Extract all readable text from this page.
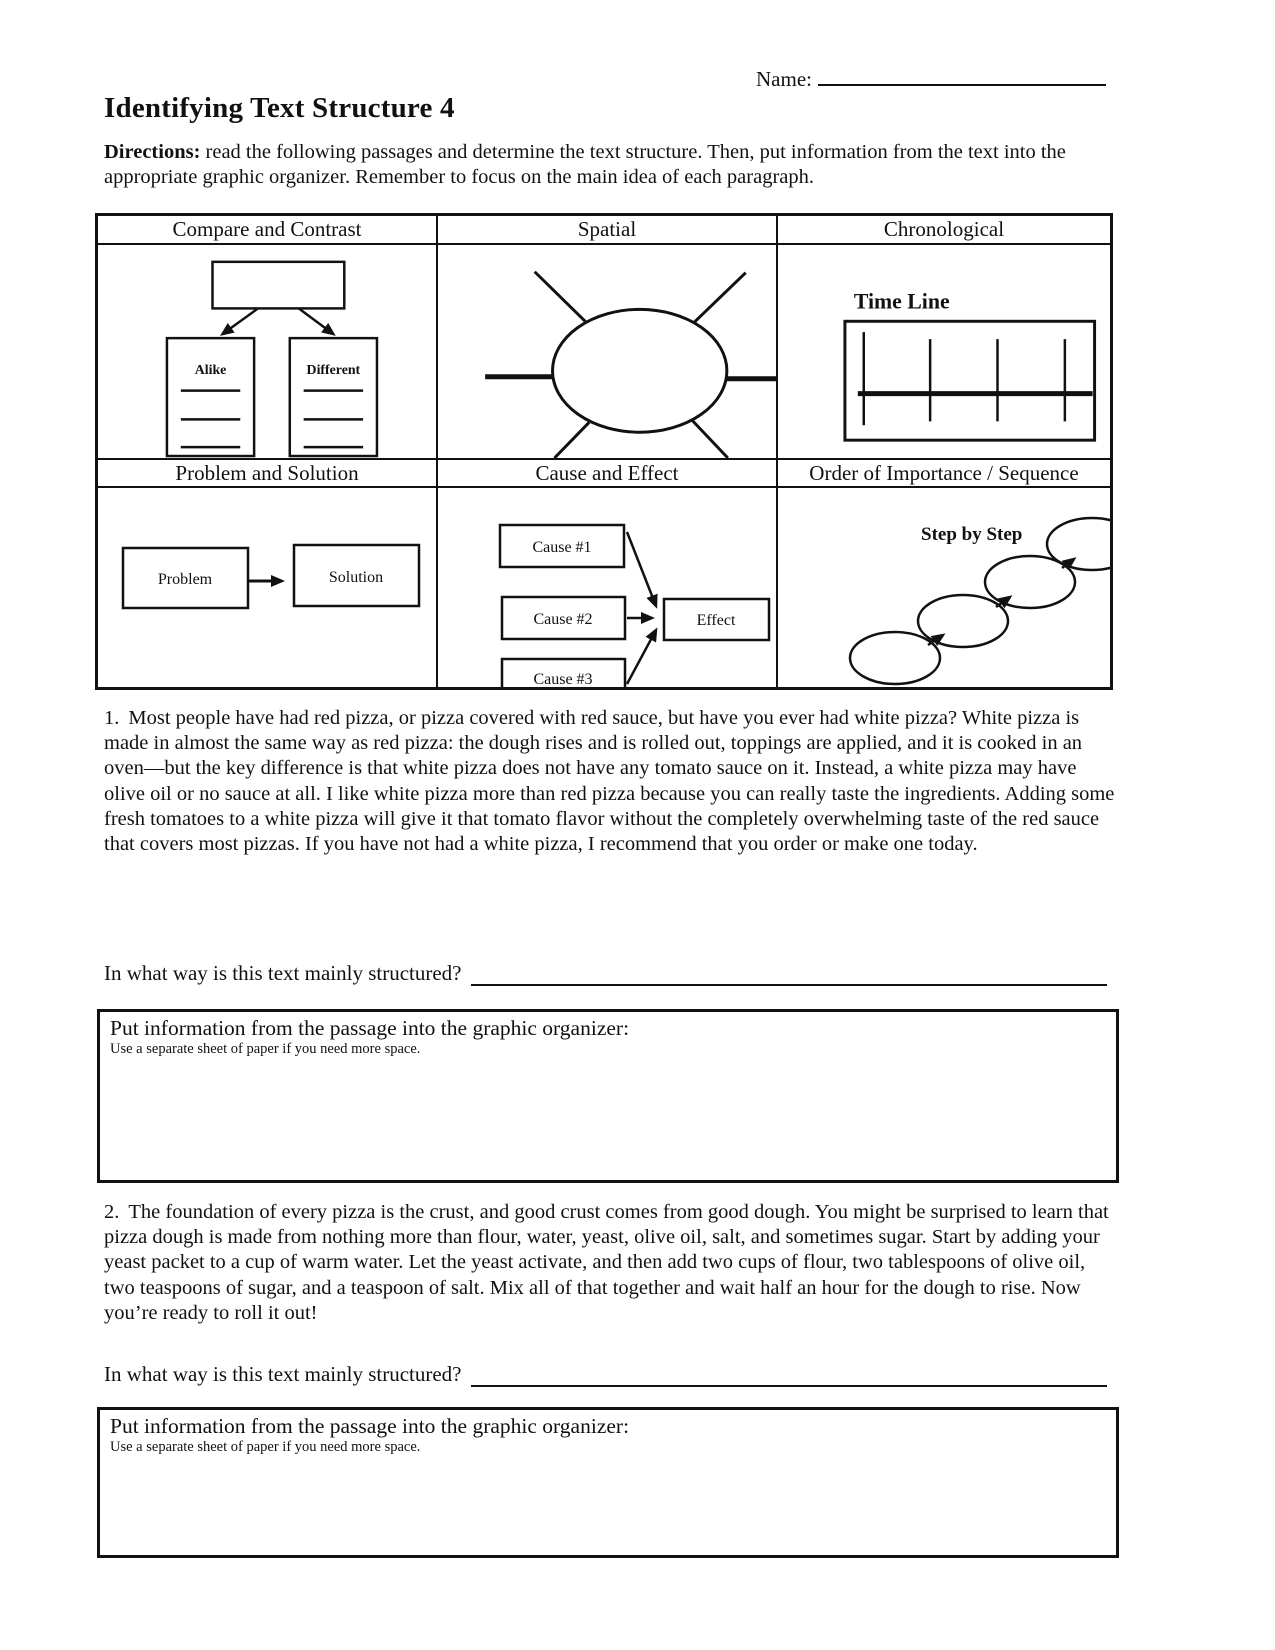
Name:
Identifying Text Structure 4
Directions: read the following passages and determine the text structure. Then, put information from the text into the appropriate graphic organizer. Remember to focus on the main idea of each paragraph.
Compare and Contrast	Spatial	Chronological
Alike	Different
Time Line
Problem and Solution	Cause and Effect	Order of Importance / Sequence
Problem	Solution
Cause #1
Cause #2
Cause #3
Effect
Step by Step
1. Most people have had red pizza, or pizza covered with red sauce, but have you ever had white pizza? White pizza is made in almost the same way as red pizza: the dough rises and is rolled out, toppings are applied, and it is cooked in an oven—but the key difference is that white pizza does not have any tomato sauce on it. Instead, a white pizza may have olive oil or no sauce at all. I like white pizza more than red pizza because you can really taste the ingredients. Adding some fresh tomatoes to a white pizza will give it that tomato flavor without the completely overwhelming taste of the red sauce that covers most pizzas. If you have not had a white pizza, I recommend that you order or make one today.
In what way is this text mainly structured?
Put information from the passage into the graphic organizer:
Use a separate sheet of paper if you need more space.
2. The foundation of every pizza is the crust, and good crust comes from good dough. You might be surprised to learn that pizza dough is made from nothing more than flour, water, yeast, olive oil, salt, and sometimes sugar. Start by adding your yeast packet to a cup of warm water. Let the yeast activate, and then add two cups of flour, two tablespoons of olive oil, two teaspoons of sugar, and a teaspoon of salt. Mix all of that together and wait half an hour for the dough to rise. Now you’re ready to roll it out!
In what way is this text mainly structured?
Put information from the passage into the graphic organizer:
Use a separate sheet of paper if you need more space.
